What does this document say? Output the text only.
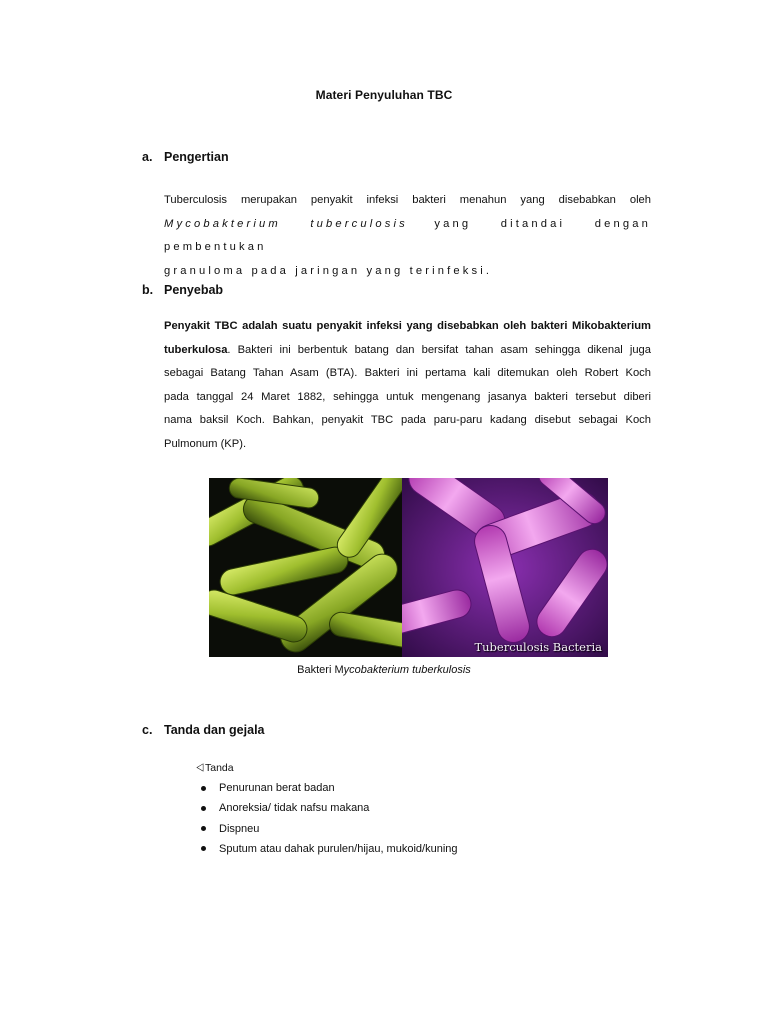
Materi Penyuluhan TBC
a. Pengertian
Tuberculosis merupakan penyakit infeksi bakteri menahun yang disebabkan oleh
Mycobakterium tuberculosis yang ditandai dengan pembentukan
granuloma pada jaringan yang terinfeksi.
b. Penyebab
Penyakit TBC adalah suatu penyakit infeksi yang disebabkan oleh bakteri Mikobakterium
tuberkulosa. Bakteri ini berbentuk batang dan bersifat tahan asam sehingga dikenal juga
sebagai Batang Tahan Asam (BTA). Bakteri ini pertama kali ditemukan oleh Robert Koch
pada tanggal 24 Maret 1882, sehingga untuk mengenang jasanya bakteri tersebut diberi
nama baksil Koch. Bahkan, penyakit TBC pada paru-paru kadang disebut sebagai Koch
Pulmonum (KP).
Tuberculosis Bacteria
Bakteri Mycobakterium tuberkulosis
c. Tanda dan gejala
⨞Tanda
Penurunan berat badan
Anoreksia/ tidak nafsu makana
Dispneu
Sputum atau dahak purulen/hijau, mukoid/kuning
